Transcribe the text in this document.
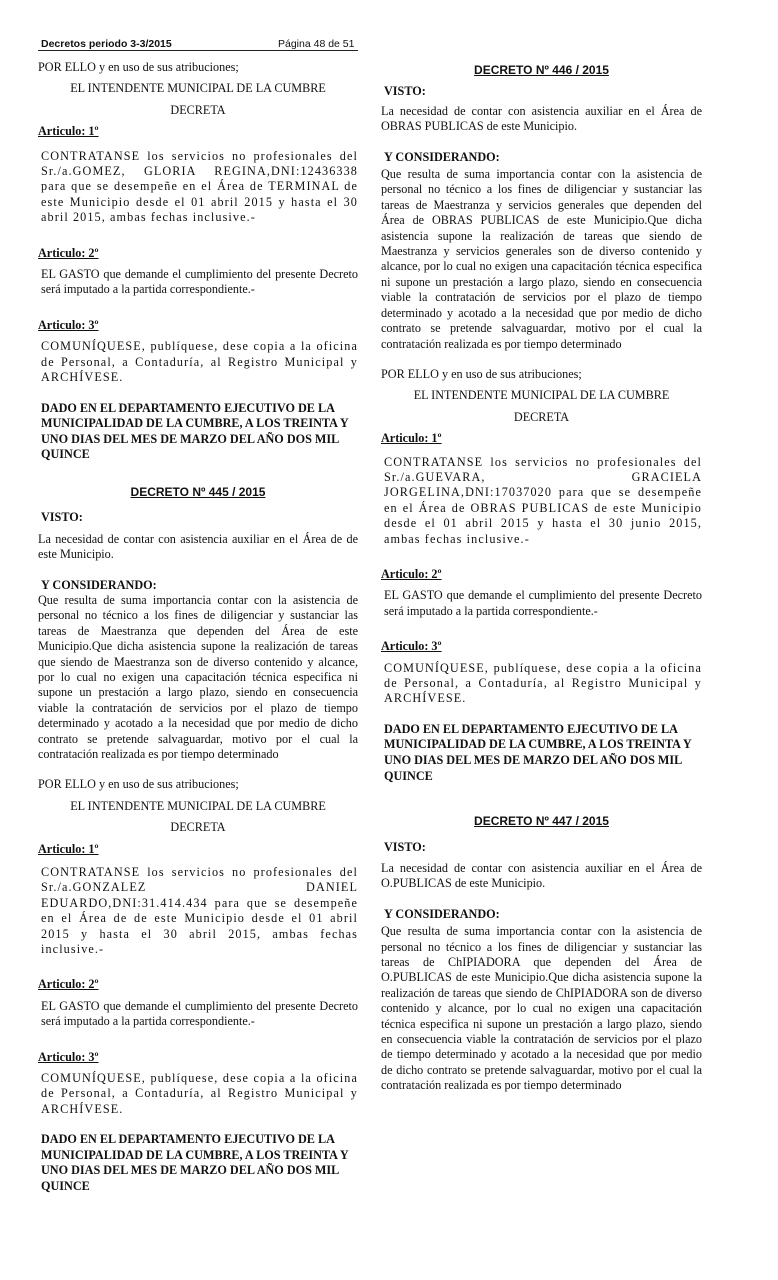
Decretos periodo 3-3/2015	Página 48 de 51

POR ELLO y en uso de sus atribuciones;

EL INTENDENTE MUNICIPAL DE LA CUMBRE

DECRETA

Articulo: 1º

CONTRATANSE los servicios no profesionales del Sr./a.GOMEZ, GLORIA REGINA,DNI:12436338 para que se desempeñe en el Área de TERMINAL de este Municipio desde el 01 abril 2015 y hasta el 30 abril 2015, ambas fechas inclusive.-

Articulo: 2º

EL GASTO que demande el cumplimiento del presente Decreto será imputado a la partida correspondiente.-

Articulo: 3º

COMUNÍQUESE, publíquese, dese copia a la oficina de Personal, a Contaduría, al Registro Municipal y ARCHÍVESE.

DADO EN EL DEPARTAMENTO EJECUTIVO DE LA MUNICIPALIDAD DE LA CUMBRE, A LOS TREINTA Y UNO DIAS DEL MES DE MARZO DEL AÑO DOS MIL QUINCE

DECRETO Nº 445 / 2015

VISTO:

La necesidad de contar con asistencia auxiliar en el Área de de este Municipio.

Y CONSIDERANDO:

Que resulta de suma importancia contar con la asistencia de personal no técnico a los fines de diligenciar y sustanciar las tareas de Maestranza que dependen del Área de este Municipio.Que dicha asistencia supone la realización de tareas que siendo de Maestranza son de diverso contenido y alcance, por lo cual no exigen una capacitación técnica especifica ni supone un prestación a largo plazo, siendo en consecuencia viable la contratación de servicios por el plazo de tiempo determinado y acotado a la necesidad que por medio de dicho contrato se pretende salvaguardar, motivo por el cual la contratación realizada es por tiempo determinado

POR ELLO y en uso de sus atribuciones;

EL INTENDENTE MUNICIPAL DE LA CUMBRE

DECRETA

Articulo: 1º

CONTRATANSE los servicios no profesionales del Sr./a.GONZALEZ DANIEL EDUARDO,DNI:31.414.434 para que se desempeñe en el Área de de este Municipio desde el 01 abril 2015 y hasta el 30 abril 2015, ambas fechas inclusive.-

Articulo: 2º

EL GASTO que demande el cumplimiento del presente Decreto será imputado a la partida correspondiente.-

Articulo: 3º

COMUNÍQUESE, publíquese, dese copia a la oficina de Personal, a Contaduría, al Registro Municipal y ARCHÍVESE.

DADO EN EL DEPARTAMENTO EJECUTIVO DE LA MUNICIPALIDAD DE LA CUMBRE, A LOS TREINTA Y UNO DIAS DEL MES DE MARZO DEL AÑO DOS MIL QUINCE

DECRETO Nº 446 / 2015

VISTO:

La necesidad de contar con asistencia auxiliar en el Área de OBRAS PUBLICAS de este Municipio.

Y CONSIDERANDO:

Que resulta de suma importancia contar con la asistencia de personal no técnico a los fines de diligenciar y sustanciar las tareas de Maestranza y servicios generales que dependen del Área de OBRAS PUBLICAS de este Municipio.Que dicha asistencia supone la realización de tareas que siendo de Maestranza y servicios generales son de diverso contenido y alcance, por lo cual no exigen una capacitación técnica especifica ni supone un prestación a largo plazo, siendo en consecuencia viable la contratación de servicios por el plazo de tiempo determinado y acotado a la necesidad que por medio de dicho contrato se pretende salvaguardar, motivo por el cual la contratación realizada es por tiempo determinado

POR ELLO y en uso de sus atribuciones;

EL INTENDENTE MUNICIPAL DE LA CUMBRE

DECRETA

Articulo: 1º

CONTRATANSE los servicios no profesionales del Sr./a.GUEVARA, GRACIELA JORGELINA,DNI:17037020 para que se desempeñe en el Área de OBRAS PUBLICAS de este Municipio desde el 01 abril 2015 y hasta el 30 junio 2015, ambas fechas inclusive.-

Articulo: 2º

EL GASTO que demande el cumplimiento del presente Decreto será imputado a la partida correspondiente.-

Articulo: 3º

COMUNÍQUESE, publíquese, dese copia a la oficina de Personal, a Contaduría, al Registro Municipal y ARCHÍVESE.

DADO EN EL DEPARTAMENTO EJECUTIVO DE LA MUNICIPALIDAD DE LA CUMBRE, A LOS TREINTA Y UNO DIAS DEL MES DE MARZO DEL AÑO DOS MIL QUINCE

DECRETO Nº 447 / 2015

VISTO:

La necesidad de contar con asistencia auxiliar en el Área de O.PUBLICAS de este Municipio.

Y CONSIDERANDO:

Que resulta de suma importancia contar con la asistencia de personal no técnico a los fines de diligenciar y sustanciar las tareas de ChIPIADORA que dependen del Área de O.PUBLICAS de este Municipio.Que dicha asistencia supone la realización de tareas que siendo de ChIPIADORA son de diverso contenido y alcance, por lo cual no exigen una capacitación técnica especifica ni supone un prestación a largo plazo, siendo en consecuencia viable la contratación de servicios por el plazo de tiempo determinado y acotado a la necesidad que por medio de dicho contrato se pretende salvaguardar, motivo por el cual la contratación realizada es por tiempo determinado
